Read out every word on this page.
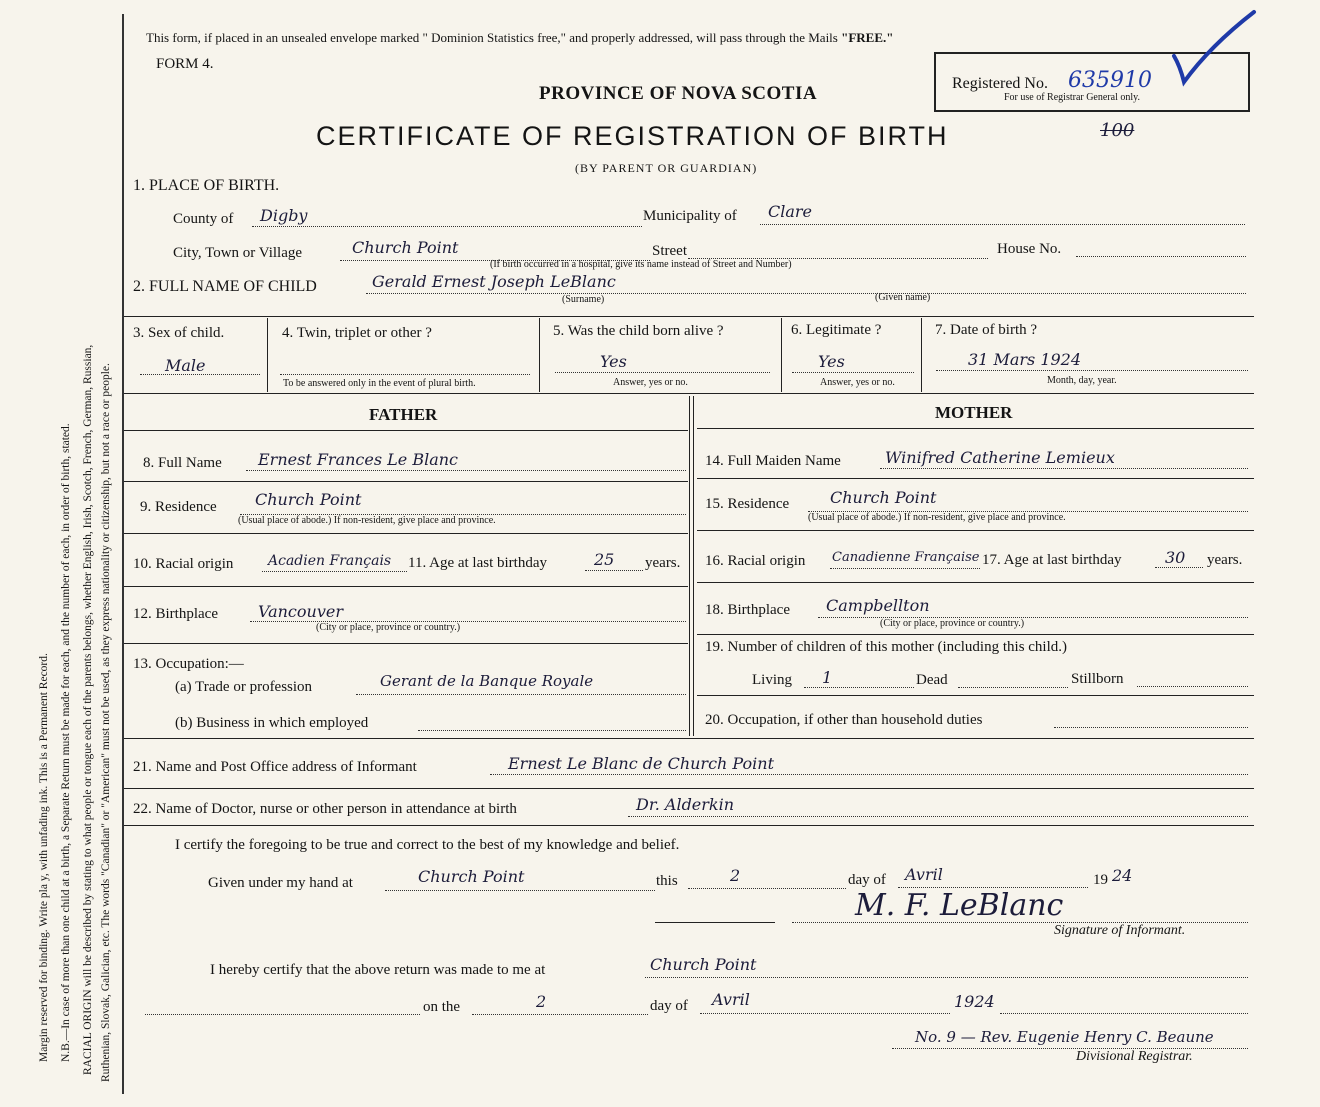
Margin reserved for binding. Write pla​ y, with unfading ink. This is a Permanent Record. N.B.—In case of more than one child at a birth, a Separate Return must be made for each, and the number of each, in order of birth, stated. RACIAL ORIGIN will be described by stating to what people or tongue each of the parents belongs, whether English, Irish, Scotch, French, German, Russian, Ruthenian, Slovak, Galician, etc. The words "Canadian" or "American" must not be used, as they express nationality or citizenship, but not a race or people.
This form, if placed in an unsealed envelope marked " Dominion Statistics free," and properly addressed, will pass through the Mails "FREE."
FORM 4.
PROVINCE OF NOVA SCOTIA
CERTIFICATE OF REGISTRATION OF BIRTH
(BY PARENT OR GUARDIAN)
100
Registered No. 635910
For use of Registrar General only.
1. PLACE OF BIRTH.
County of Digby	Municipality of Clare
City, Town or Village	Church Point	Street	House No.
(If birth occurred in a hospital, give its name instead of Street and Number)
2. FULL NAME OF CHILD	Gerald Ernest Joseph LeBlanc
(Surname)	(Given name)
3. Sex of child.
Male
4. Twin, triplet or other ?
To be answered only in the event of plural birth.
5. Was the child born alive ?
Yes
Answer, yes or no.
6. Legitimate ?
Yes
Answer, yes or no.
7. Date of birth ?
31 Mars 1924
Month, day, year.
FATHER	MOTHER
8. Full Name Ernest Frances Le Blanc
9. Residence Church Point
(Usual place of abode.) If non-resident, give place and province.
10. Racial origin Acadien Français 11. Age at last birthday	25 years.
12. Birthplace	Vancouver
(City or place, province or country.)
13. Occupation:—
(a) Trade or profession	Gerant de la Banque Royale
(b) Business in which employed
14. Full Maiden Name	Winifred Catherine Lemieux
15. Residence	Church Point
(Usual place of abode.) If non-resident, give place and province.
16. Racial origin Canadienne Française 17. Age at last birthday	30 years.
18. Birthplace Campbellton
(City or place, province or country.)
19. Number of children of this mother (including this child.)
Living 1	Dead	Stillborn
20. Occupation, if other than household duties
21. Name and Post Office address of Informant	Ernest Le Blanc de Church Point
22. Name of Doctor, nurse or other person in attendance at birth	Dr. Alderkin
I certify the foregoing to be true and correct to the best of my knowledge and belief.
Given under my hand at	Church Point	this	2	day of Avril	19 24
M. F. LeBlanc
Signature of Informant.
I hereby certify that the above return was made to me at	Church Point
on the	2	day of Avril	1924
No. 9 — Rev. Eugenie Henry C. Beaune
Divisional Registrar.
